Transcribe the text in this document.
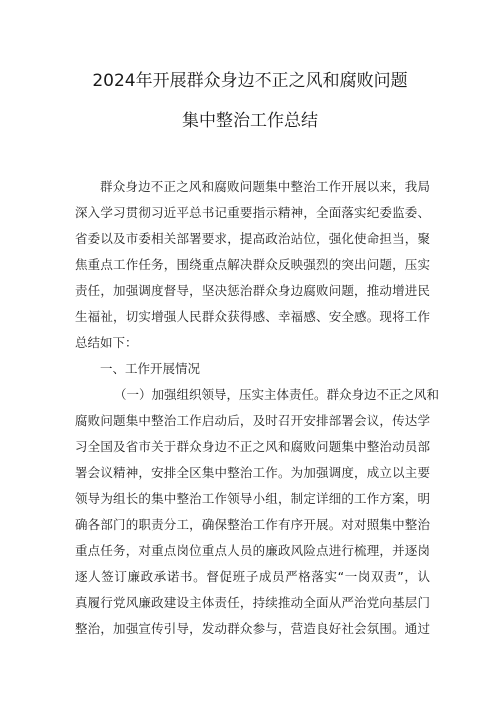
2024年开展群众身边不正之风和腐败问题
集中整治工作总结
群众身边不正之风和腐败问题集中整治工作开展以来，我局
深入学习贯彻习近平总书记重要指示精神，全面落实纪委监委、
省委以及市委相关部署要求，提高政治站位，强化使命担当，聚
焦重点工作任务，围绕重点解决群众反映强烈的突出问题，压实
责任，加强调度督导，坚决惩治群众身边腐败问题，推动增进民
生福祉，切实增强人民群众获得感、幸福感、安全感。现将工作
总结如下：
一、工作开展情况
（一）加强组织领导，压实主体责任。群众身边不正之风和
腐败问题集中整治工作启动后，及时召开安排部署会议，传达学
习全国及省市关于群众身边不正之风和腐败问题集中整治动员部
署会议精神，安排全区集中整治工作。为加强调度，成立以主要
领导为组长的集中整治工作领导小组，制定详细的工作方案，明
确各部门的职责分工，确保整治工作有序开展。对对照集中整治
重点任务，对重点岗位重点人员的廉政风险点进行梳理，并逐岗
逐人签订廉政承诺书。督促班子成员严格落实“一岗双责”，认
真履行党风廉政建设主体责任，持续推动全面从严治党向基层门
整治，加强宣传引导，发动群众参与，营造良好社会氛围。通过
